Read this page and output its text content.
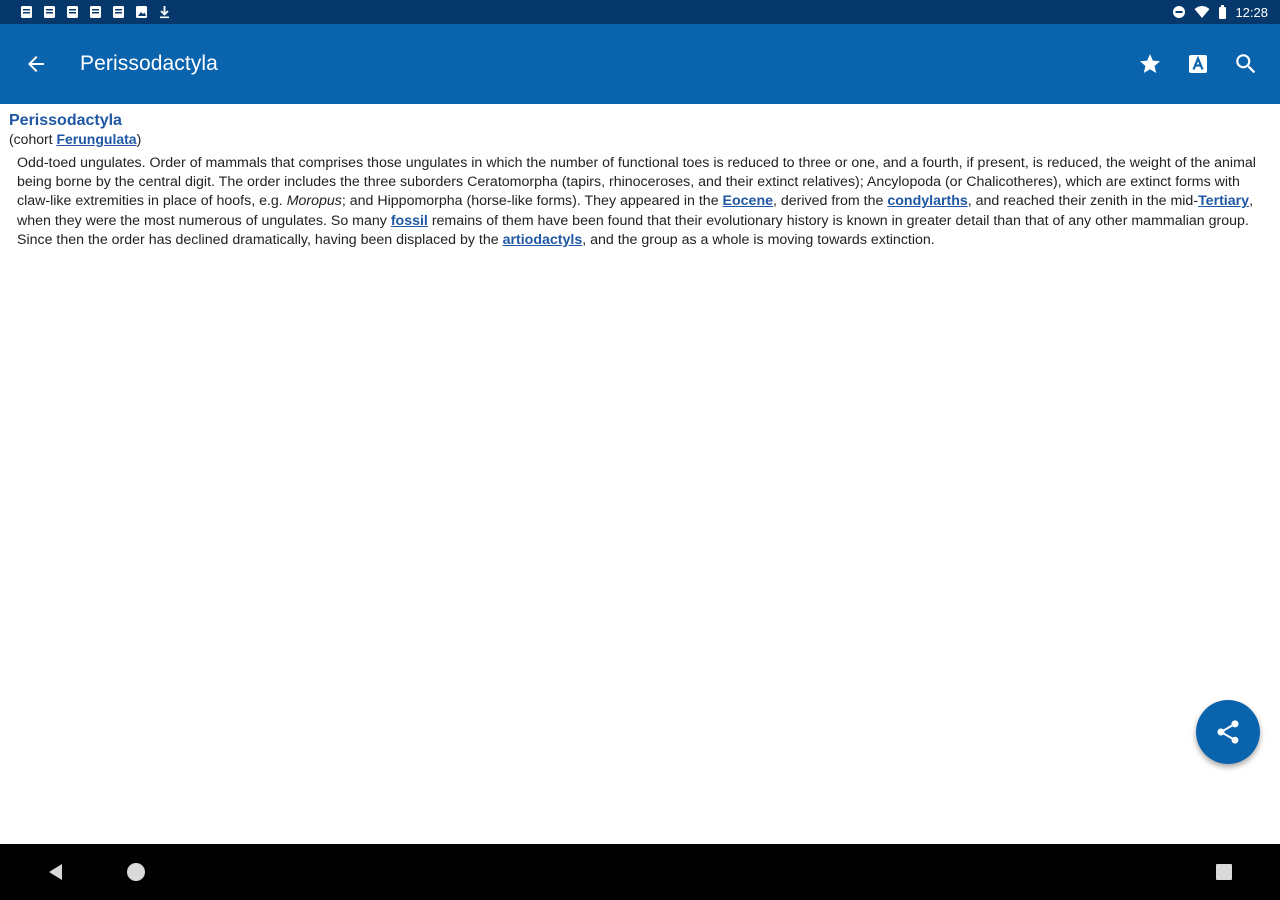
12:28
Perissodactyla
Perissodactyla
(cohort Ferungulata)
Odd-toed ungulates. Order of mammals that comprises those ungulates in which the number of functional toes is reduced to three or one, and a fourth, if present, is reduced, the weight of the animal being borne by the central digit. The order includes the three suborders Ceratomorpha (tapirs, rhinoceroses, and their extinct relatives); Ancylopoda (or Chalicotheres), which are extinct forms with claw-like extremities in place of hoofs, e.g. Moropus; and Hippomorpha (horse-like forms). They appeared in the Eocene, derived from the condylarths, and reached their zenith in the mid-Tertiary, when they were the most numerous of ungulates. So many fossil remains of them have been found that their evolutionary history is known in greater detail than that of any other mammalian group. Since then the order has declined dramatically, having been displaced by the artiodactyls, and the group as a whole is moving towards extinction.
